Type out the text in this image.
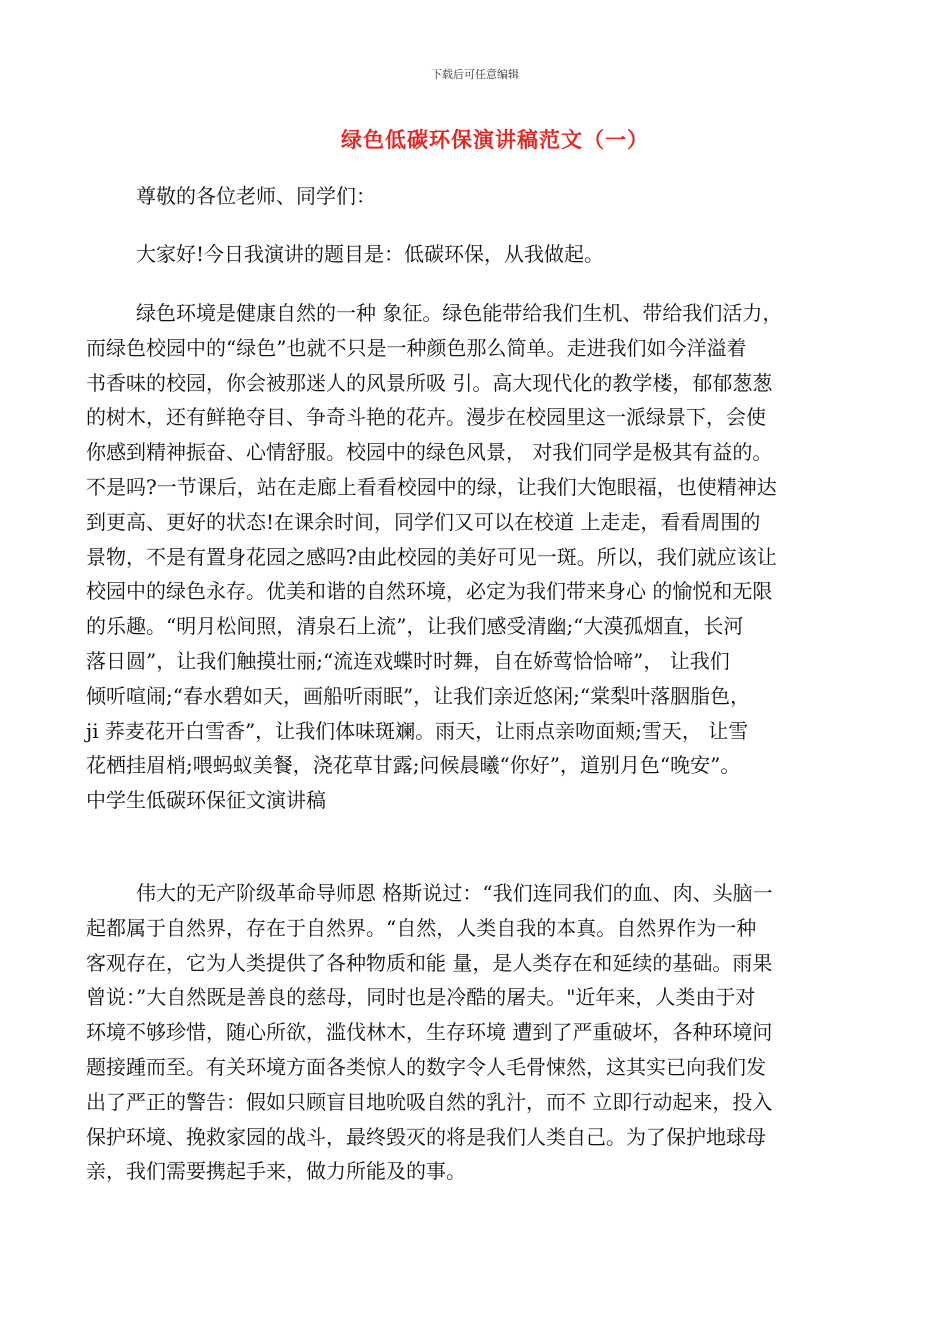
下载后可任意编辑
绿色低碳环保演讲稿范文（一）
尊敬的各位老师、同学们：
大家好!今日我演讲的题目是：低碳环保，从我做起。
绿色环境是健康自然的一种 象征。绿色能带给我们生机、带给我们活力，
而绿色校园中的“绿色”也就不只是一种颜色那么简单。走进我们如今洋溢着
书香味的校园，你会被那迷人的风景所吸 引。高大现代化的教学楼，郁郁葱葱
的树木，还有鲜艳夺目、争奇斗艳的花卉。漫步在校园里这一派绿景下，会使
你感到精神振奋、心情舒服。校园中的绿色风景， 对我们同学是极其有益的。
不是吗?一节课后，站在走廊上看看校园中的绿，让我们大饱眼福，也使精神达
到更高、更好的状态!在课余时间，同学们又可以在校道 上走走，看看周围的
景物，不是有置身花园之感吗?由此校园的美好可见一斑。所以，我们就应该让
校园中的绿色永存。优美和谐的自然环境，必定为我们带来身心 的愉悦和无限
的乐趣。“明月松间照，清泉石上流”，让我们感受清幽;“大漠孤烟直，长河
落日圆”，让我们触摸壮丽;“流连戏蝶时时舞，自在娇莺恰恰啼”， 让我们
倾听喧闹;“春水碧如天，画船听雨眠”，让我们亲近悠闲;“棠梨叶落胭脂色，
ji 荞麦花开白雪香”，让我们体味斑斓。雨天，让雨点亲吻面颊;雪天， 让雪
花栖挂眉梢;喂蚂蚁美餐，浇花草甘露;问候晨曦“你好”，道别月色“晚安”。
中学生低碳环保征文演讲稿
伟大的无产阶级革命导师恩 格斯说过：“我们连同我们的血、肉、头脑一
起都属于自然界，存在于自然界。“自然，人类自我的本真。自然界作为一种
客观存在，它为人类提供了各种物质和能 量，是人类存在和延续的基础。雨果
曾说：”大自然既是善良的慈母，同时也是冷酷的屠夫。"近年来，人类由于对
环境不够珍惜，随心所欲，滥伐林木，生存环境 遭到了严重破坏，各种环境问
题接踵而至。有关环境方面各类惊人的数字令人毛骨悚然，这其实已向我们发
出了严正的警告：假如只顾盲目地吮吸自然的乳汁，而不 立即行动起来，投入
保护环境、挽救家园的战斗，最终毁灭的将是我们人类自己。为了保护地球母
亲，我们需要携起手来，做力所能及的事。
